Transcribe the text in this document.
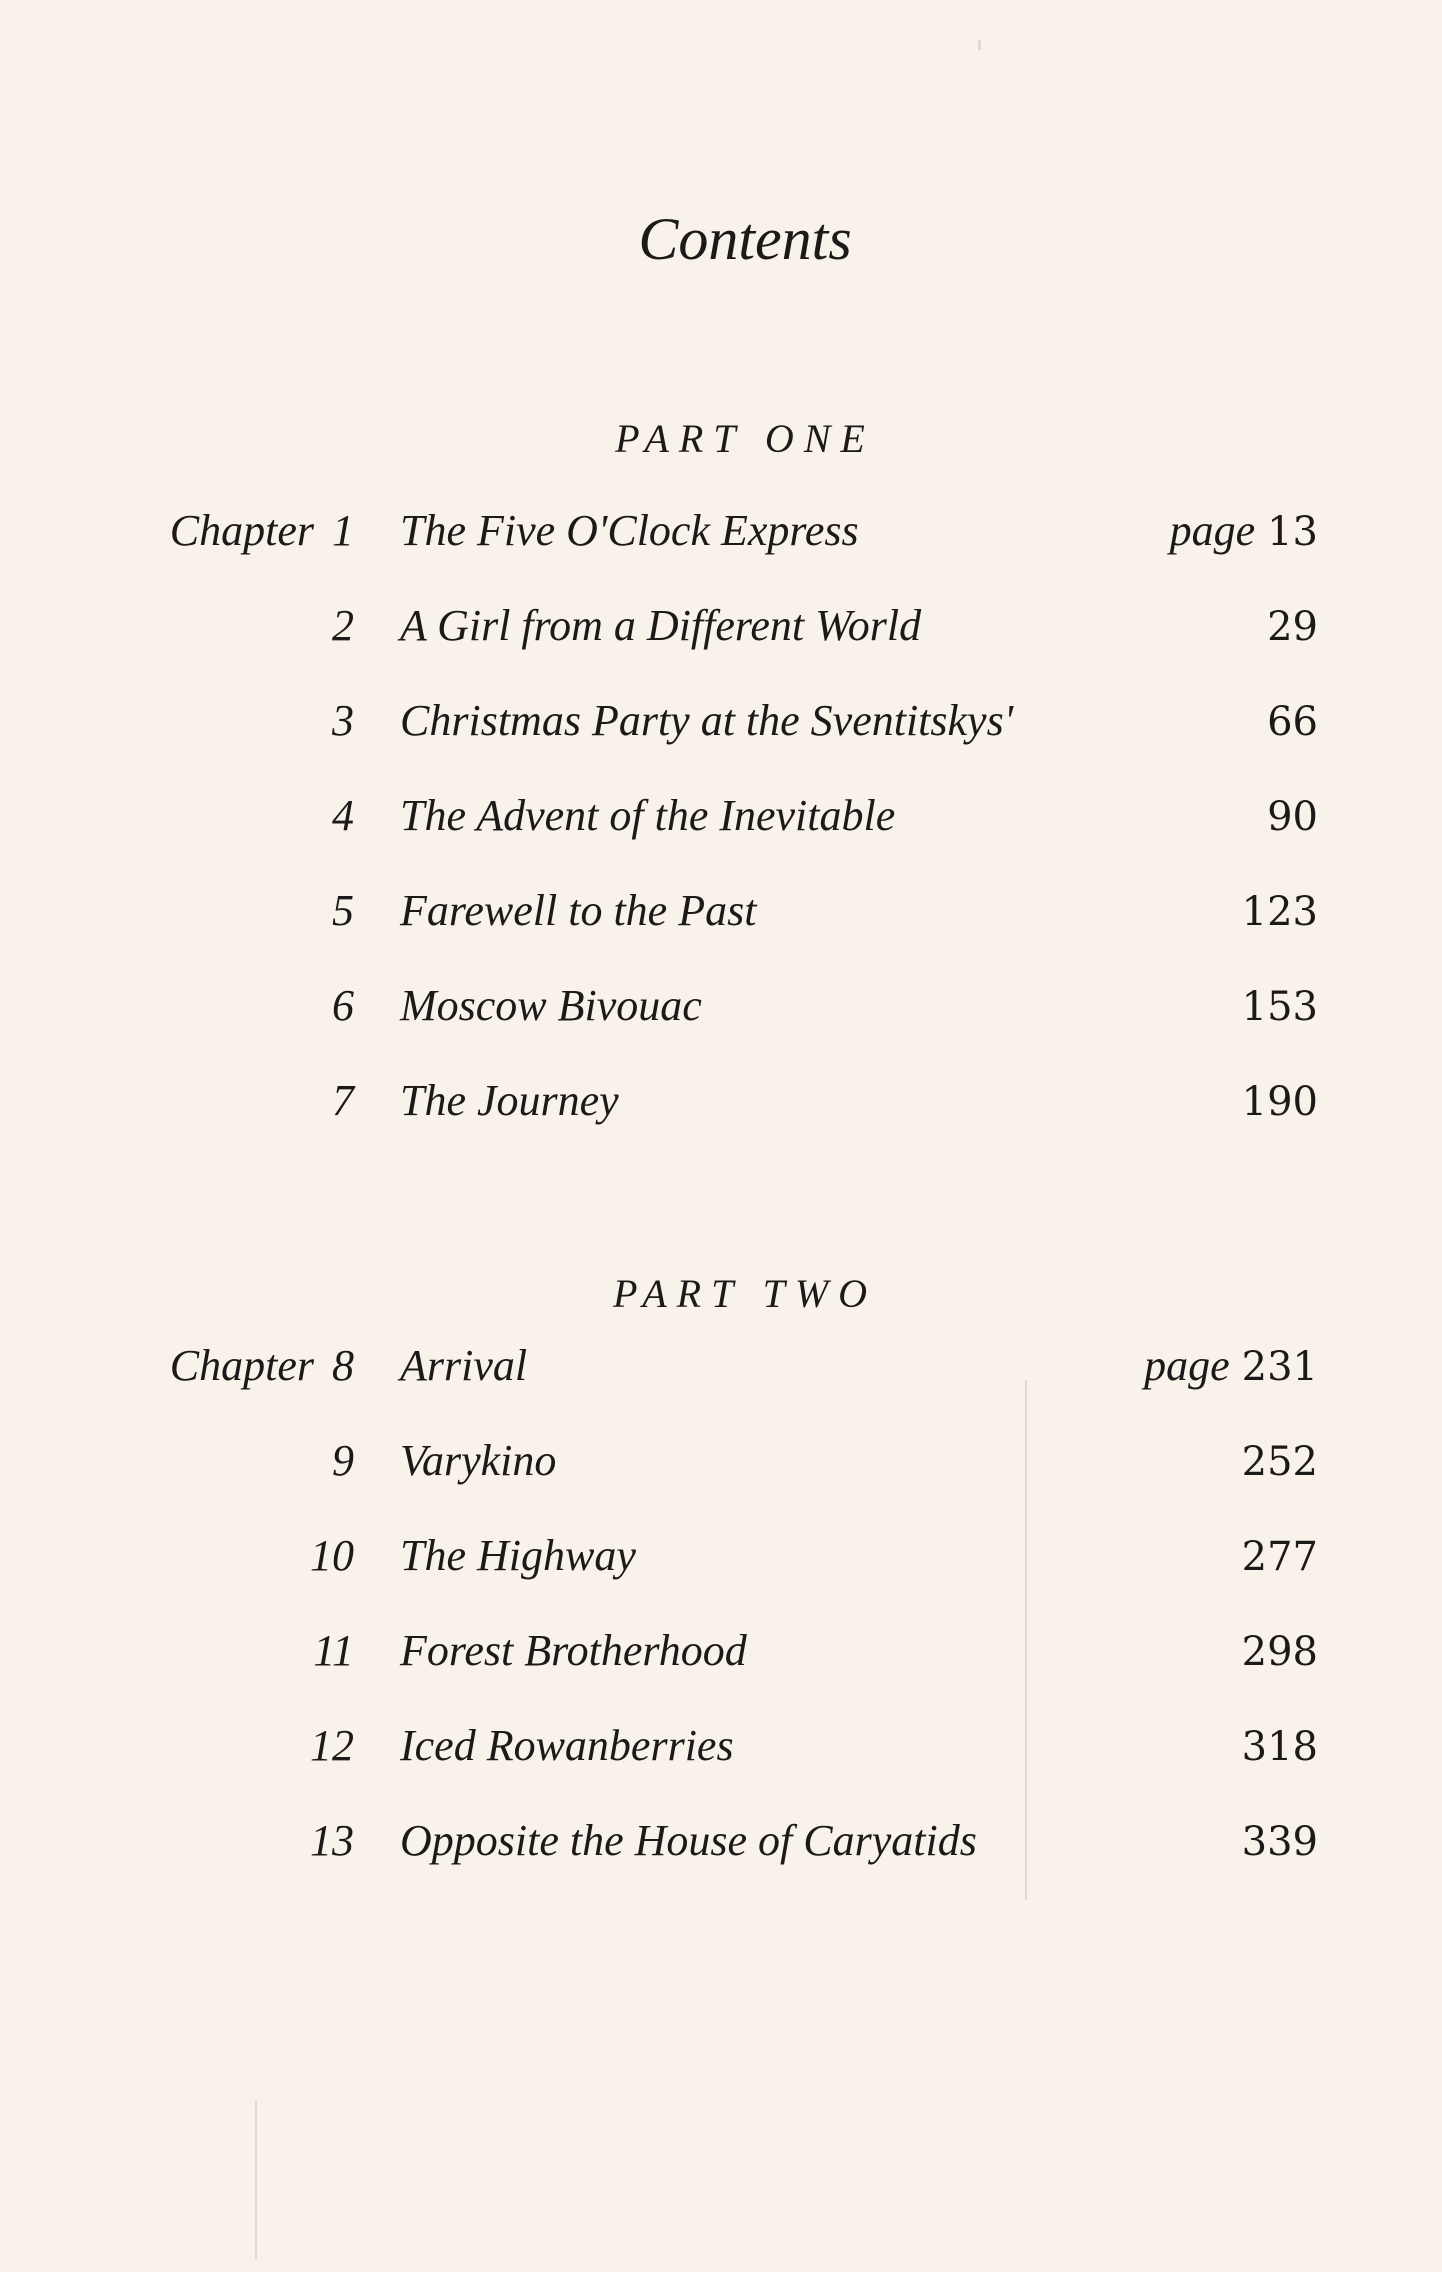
Contents
PART ONE
Chapter 1 The Five O'Clock Express	page 13
2 A Girl from a Different World	29
3 Christmas Party at the Sventitskys'	66
4 The Advent of the Inevitable	90
5 Farewell to the Past	123
6 Moscow Bivouac	153
7 The Journey	190
PART TWO
Chapter 8 Arrival	page 231
9 Varykino	252
10 The Highway	277
11 Forest Brotherhood	298
12 Iced Rowanberries	318
13 Opposite the House of Caryatids	339
